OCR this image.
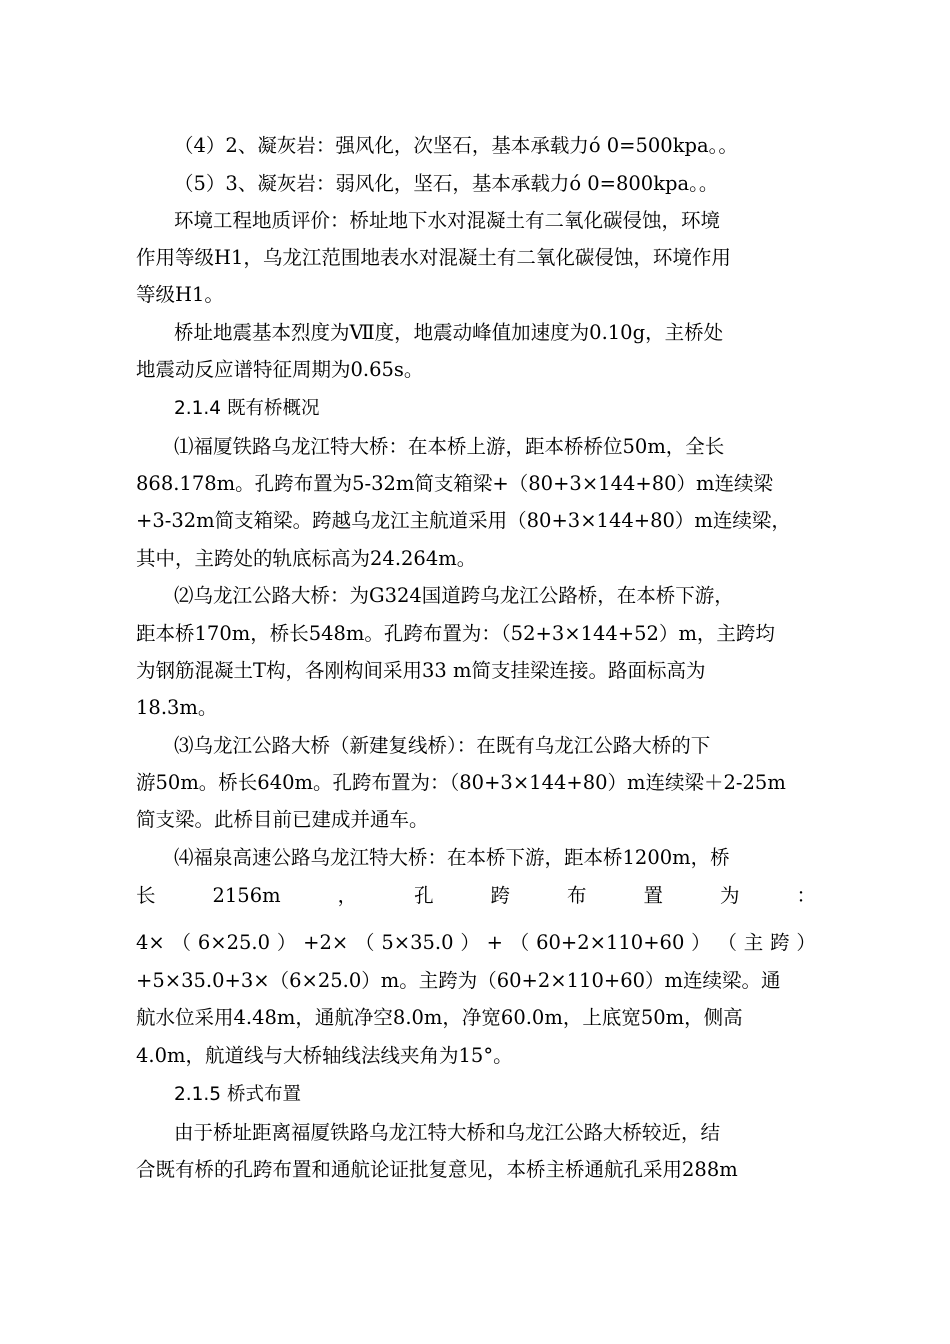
（4）2、凝灰岩：强风化，次坚石，基本承载力ó 0=500kpa。。
（5）3、凝灰岩：弱风化，坚石，基本承载力ó 0=800kpa。。
环境工程地质评价：桥址地下水对混凝土有二氧化碳侵蚀，环境
作用等级H1，乌龙江范围地表水对混凝土有二氧化碳侵蚀，环境作用
等级H1。
桥址地震基本烈度为Ⅶ度，地震动峰值加速度为0.10g，主桥处
地震动反应谱特征周期为0.65s。
2.1.4 既有桥概况
⑴福厦铁路乌龙江特大桥：在本桥上游，距本桥桥位50m，全长
868.178m。孔跨布置为5-32m简支箱梁+（80+3×144+80）m连续梁
+3-32m简支箱梁。跨越乌龙江主航道采用（80+3×144+80）m连续梁，
其中，主跨处的轨底标高为24.264m。
⑵乌龙江公路大桥：为G324国道跨乌龙江公路桥，在本桥下游，
距本桥170m，桥长548m。孔跨布置为：（52+3×144+52）m，主跨均
为钢筋混凝土T构，各刚构间采用33 m简支挂梁连接。路面标高为
18.3m。
⑶乌龙江公路大桥（新建复线桥）：在既有乌龙江公路大桥的下
游50m。桥长640m。孔跨布置为：（80+3×144+80）m连续梁＋2-25m
简支梁。此桥目前已建成并通车。
⑷福泉高速公路乌龙江特大桥：在本桥下游，距本桥1200m，桥
长	2156m	，	孔	跨	布	置	为	：
4× （ 6×25.0 ） +2× （ 5×35.0 ） + （ 60+2×110+60 ） （ 主 跨 ）
+5×35.0+3×（6×25.0）m。主跨为（60+2×110+60）m连续梁。通
航水位采用4.48m，通航净空8.0m，净宽60.0m，上底宽50m，侧高
4.0m，航道线与大桥轴线法线夹角为15°。
2.1.5 桥式布置
由于桥址距离福厦铁路乌龙江特大桥和乌龙江公路大桥较近，结
合既有桥的孔跨布置和通航论证批复意见，本桥主桥通航孔采用288m
